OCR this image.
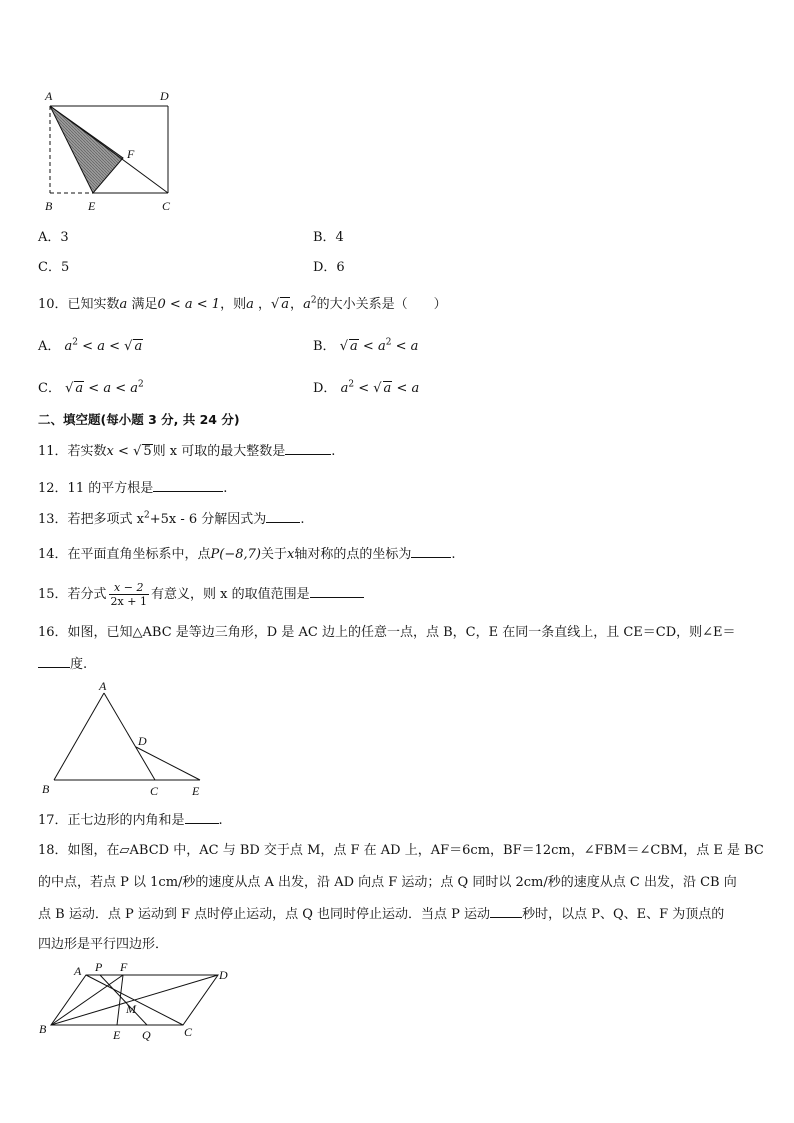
A	D
F
B	E	C
A．3	B．4
C．5	D．6
10．已知实数a 满足0 < a < 1，则a ，√ a，$a^2$的大小关系是（　　）
A． $a^2 < a$ < √ a	B． √ $a < a^2 < a$
C． √ $a < a < a^2$	D． $a^2$ < √ a < a
二、填空题(每小题 3 分, 共 24 分)
11．若实数x < √ 5则 x 可取的最大整数是	.
12．11 的平方根是	.
13．若把多项式 $x^2+5x - 6$ 分解因式为	.
14．在平面直角坐标系中，点P(−8,7)关于x轴对称的点的坐标为	.
15．若分式 $\frac{x - 2}{2x + 1}$ 有意义，则 x 的取值范围是
16．如图，已知△ABC 是等边三角形，D 是 AC 边上的任意一点，点 B，C，E 在同一条直线上，且 CE＝CD，则∠E＝
度.
A
D
B	C	E
17．正七边形的内角和是	.
18．如图，在▱ABCD 中，AC 与 BD 交于点 M，点 F 在 AD 上，AF＝6cm，BF＝12cm，∠FBM＝∠CBM，点 E 是 BC
的中点，若点 P 以 1cm/秒的速度从点 A 出发，沿 AD 向点 F 运动；点 Q 同时以 2cm/秒的速度从点 C 出发，沿 CB 向
点 B 运动．点 P 运动到 F 点时停止运动，点 Q 也同时停止运动．当点 P 运动 秒时，以点 P、Q、E、F 为顶点的
四边形是平行四边形．
A P F
D
M
B	E Q	C
